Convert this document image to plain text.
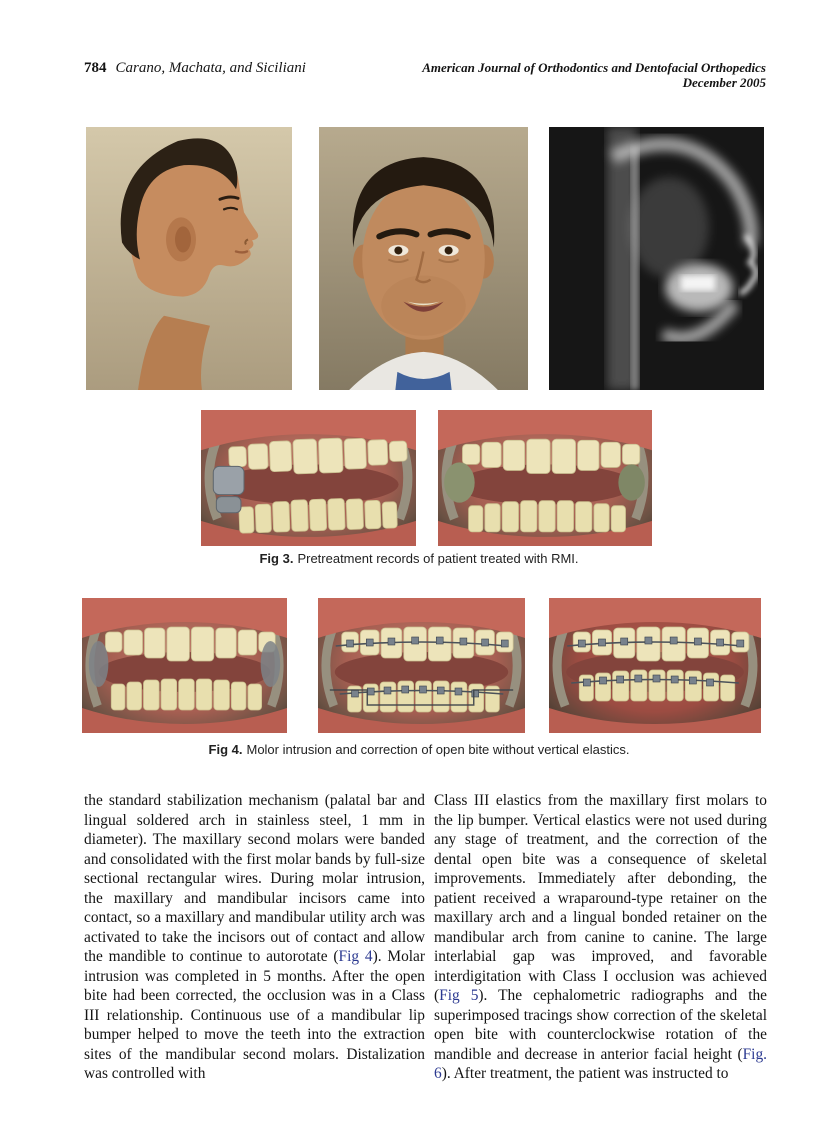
784 Carano, Machata, and Siciliani	American Journal of Orthodontics and Dentofacial Orthopedics
December 2005
Fig 3. Pretreatment records of patient treated with RMI.
Fig 4. Molor intrusion and correction of open bite without vertical elastics.

the standard stabilization mechanism (palatal bar and lingual soldered arch in stainless steel, 1 mm in diameter). The maxillary second molars were banded and consolidated with the first molar bands by full-size sectional rectangular wires. During molar intrusion, the maxillary and mandibular incisors came into contact, so a maxillary and mandibular utility arch was activated to take the incisors out of contact and allow the mandible to continue to autorotate (Fig 4). Molar intrusion was completed in 5 months. After the open bite had been corrected, the occlusion was in a Class III relationship. Continuous use of a mandibular lip bumper helped to move the teeth into the extraction sites of the mandibular second molars. Distalization was controlled with

Class III elastics from the maxillary first molars to the lip bumper. Vertical elastics were not used during any stage of treatment, and the correction of the dental open bite was a consequence of skeletal improvements. Immediately after debonding, the patient received a wraparound-type retainer on the maxillary arch and a lingual bonded retainer on the mandibular arch from canine to canine. The large interlabial gap was improved, and favorable interdigitation with Class I occlusion was achieved (Fig 5). The cephalometric radiographs and the superimposed tracings show correction of the skeletal open bite with counterclockwise rotation of the mandible and decrease in anterior facial height (Fig. 6). After treatment, the patient was instructed to
